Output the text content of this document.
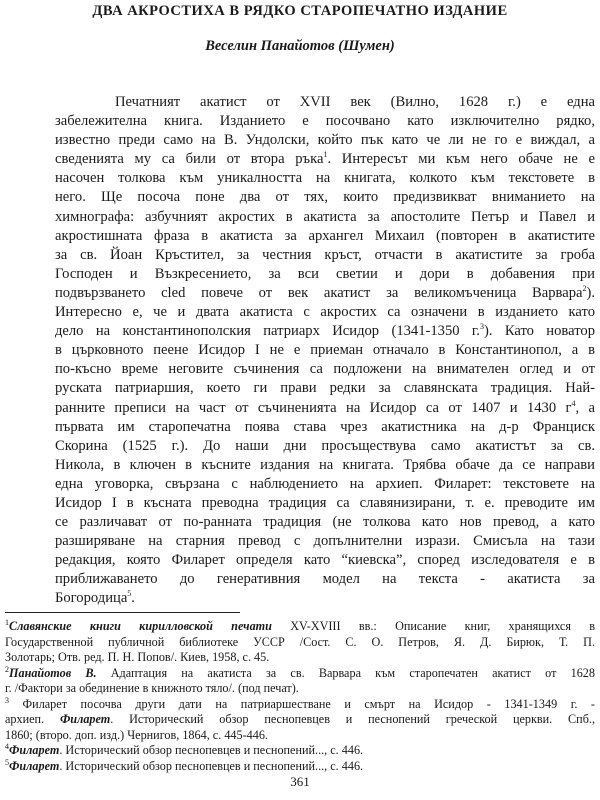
ДВА АКРОСТИХА В РЯДКО СТАРОПЕЧАТНО ИЗДАНИЕ
Веселин Панайотов (Шумен)
Печатният акатист от XVII век (Вилно, 1628 г.) е една
забележителна книга. Изданието е посочвано като изключително рядко,
известно преди само на В. Ундолски, който пък като че ли не го е виждал, а
сведенията му са били от втора ръка$^1$. Интересът ми към него обаче не е
насочен толкова към уникалността на книгата, колкото към текстовете в
него. Ще посоча поне два от тях, които предизвикват вниманието на
химнографа: азбучният акростих в акатиста за апостолите Петър и Павел и
акростишната фраза в акатиста за архангел Михаил (повторен в акатистите
за св. Йоан Кръстител, за честния кръст, отчасти в акатистите за гроба
Господен и Възкресението, за вси светии и дори в добавения при
подвързването сled повече от век акатист за великомъченица Варвара$^2$).
Интересно е, че и двата акатиста с акростих са означени в изданието като
дело на константинополския патриарх Исидор (1341-1350 г.$^3$). Като новатор
в църковното пеене Исидор I не е приеман отначало в Константинопол, а в
по-късно време неговите съчинения са подложени на внимателен оглед и от
руската патриаршия, което ги прави редки за славянската традиция. Най-
ранните преписи на част от съчиненията на Исидор са от 1407 и 1430 $г^4$, а
първата им старопечатна поява става чрез акатистника на д-р Франциск
Скорина (1525 г.). До наши дни просъществува само акатистът за св.
Никола, в ключен в късните издания на книгата. Трябва обаче да се направи
една уговорка, свързана с наблюдението на архиеп. Филарет: текстовете на
Исидор I в късната преводна традиция са славянизирани, т. е. преводите им
се различават от по-ранната традиция (не толкова като нов превод, а като
разширяване на старния превод с допълнителни изрази. Смисълa на тази
редакция, която Филарет определя като “киевска”, според изследователя е в
приближаването до генеративния модел на текста - акатиста за
Богородица$^5$.
$^1$Славянские книги кирилловской печати XV-XVIII вв.: Описание книг, хранящихся в
Государственной публичной библиотеке УССР /Сост. С. О. Петров, Я. Д. Бирюк, Т. П.
Золотарь; Отв. ред. П. Н. Попов/. Киев, 1958, с. 45.
$^2$Панайотов В. Адаптация на акатиста за св. Варвара към старопечатен акатист от 1628
г. /Фактори за обединение в книжното тяло/. (под печат).
$^3$ Филарет посочва други дати на патриаршестване и смърт на Исидор - 1341-1349 г. -
архиеп. Филарет. Исторический обзор песнопевцев и песнопений греческой церкви. Спб.,
1860; (второ. доп. изд.) Чернигов, 1864, с. 445-446.
$^4$Филарет. Исторический обзор песнопевцев и песнопений..., с. 446.
$^5$Филарет. Исторический обзор песнопевцев и песнопений..., с. 446.
361
